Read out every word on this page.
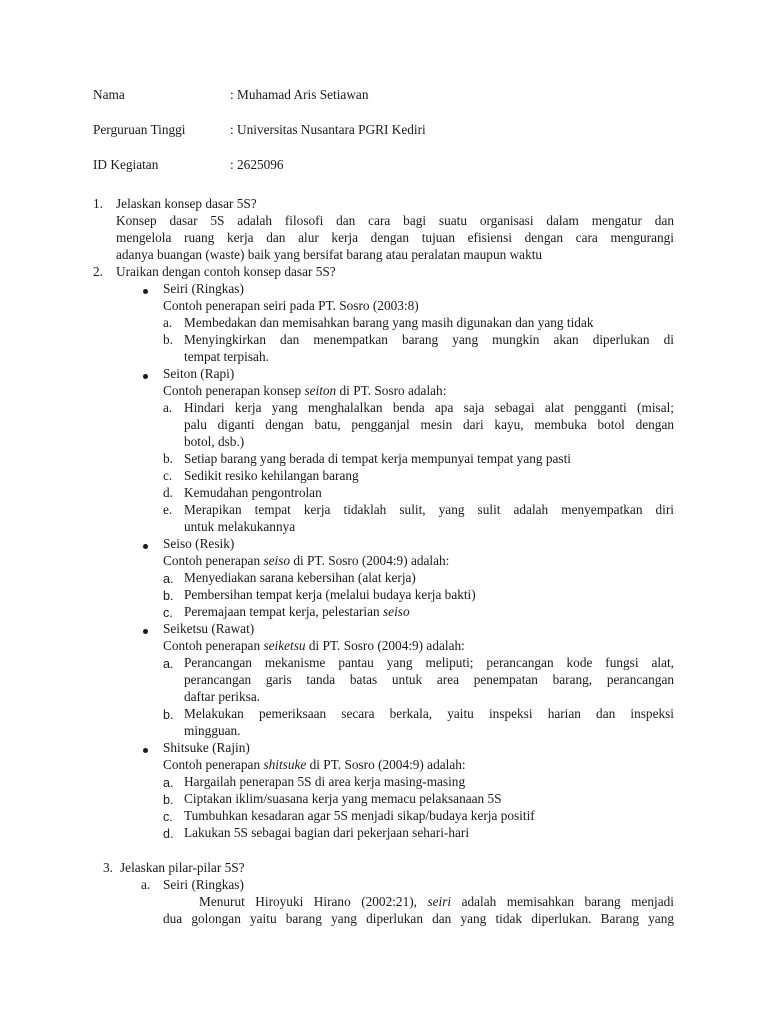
Nama	: Muhamad Aris Setiawan
Perguruan Tinggi	: Universitas Nusantara PGRI Kediri
ID Kegiatan	: 2625096
1. Jelaskan konsep dasar 5S?
Konsep dasar 5S adalah filosofi dan cara bagi suatu organisasi dalam mengatur dan
mengelola ruang kerja dan alur kerja dengan tujuan efisiensi dengan cara mengurangi
adanya buangan (waste) baik yang bersifat barang atau peralatan maupun waktu
2. Uraikan dengan contoh konsep dasar 5S?
Seiri (Ringkas)
Contoh penerapan seiri pada PT. Sosro (2003:8)
a. Membedakan dan memisahkan barang yang masih digunakan dan yang tidak
b. Menyingkirkan dan menempatkan barang yang mungkin akan diperlukan di
tempat terpisah.
Seiton (Rapi)
Contoh penerapan konsep seiton di PT. Sosro adalah:
a. Hindari kerja yang menghalalkan benda apa saja sebagai alat pengganti (misal;
palu diganti dengan batu, pengganjal mesin dari kayu, membuka botol dengan
botol, dsb.)
b. Setiap barang yang berada di tempat kerja mempunyai tempat yang pasti
c. Sedikit resiko kehilangan barang
d. Kemudahan pengontrolan
e. Merapikan tempat kerja tidaklah sulit, yang sulit adalah menyempatkan diri
untuk melakukannya
Seiso (Resik)
Contoh penerapan seiso di PT. Sosro (2004:9) adalah:
a. Menyediakan sarana kebersihan (alat kerja)
b. Pembersihan tempat kerja (melalui budaya kerja bakti)
c. Peremajaan tempat kerja, pelestarian seiso
Seiketsu (Rawat)
Contoh penerapan seiketsu di PT. Sosro (2004:9) adalah:
a. Perancangan mekanisme pantau yang meliputi; perancangan kode fungsi alat,
perancangan garis tanda batas untuk area penempatan barang, perancangan
daftar periksa.
b. Melakukan pemeriksaan secara berkala, yaitu inspeksi harian dan inspeksi
mingguan.
Shitsuke (Rajin)
Contoh penerapan shitsuke di PT. Sosro (2004:9) adalah:
a. Hargailah penerapan 5S di area kerja masing-masing
b. Ciptakan iklim/suasana kerja yang memacu pelaksanaan 5S
c. Tumbuhkan kesadaran agar 5S menjadi sikap/budaya kerja positif
d. Lakukan 5S sebagai bagian dari pekerjaan sehari-hari
3. Jelaskan pilar-pilar 5S?
a. Seiri (Ringkas)
Menurut Hiroyuki Hirano (2002:21), seiri adalah memisahkan barang menjadi
dua golongan yaitu barang yang diperlukan dan yang tidak diperlukan. Barang yang
